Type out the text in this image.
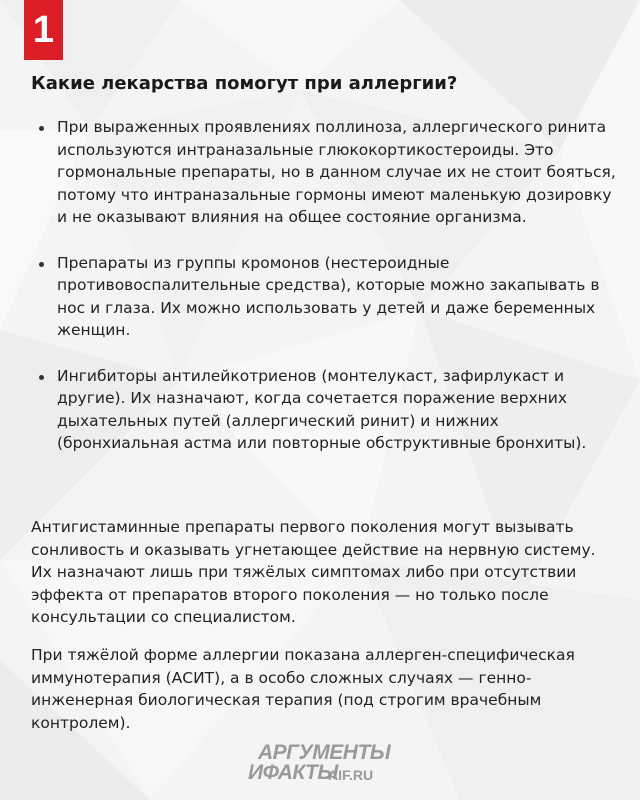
1
Какие лекарства помогут при аллергии?
При выраженных проявлениях поллиноза, аллергического ринита используются интраназальные глюкокортикостероиды. Это гормональные препараты, но в данном случае их не стоит бояться, потому что интраназальные гормоны имеют маленькую дозировку и не оказывают влияния на общее состояние организма.
Препараты из группы кромонов (нестероидные противовоспалительные средства), которые можно закапывать в нос и глаза. Их можно использовать у детей и даже беременных женщин.
Ингибиторы антилейкотриенов (монтелукаст, зафирлукаст и другие). Их назначают, когда сочетается поражение верхних дыхательных путей (аллергический ринит) и нижних (бронхиальная астма или повторные обструктивные бронхиты).
Антигистаминные препараты первого поколения могут вызывать сонливость и оказывать угнетающее действие на нервную систему. Их назначают лишь при тяжёлых симптомах либо при отсутствии эффекта от препаратов второго поколения — но только после консультации со специалистом.
При тяжёлой форме аллергии показана аллерген-специфическая иммунотерапия (АСИТ), а в особо сложных случаях — генно-инженерная биологическая терапия (под строгим врачебным контролем).
АРГУМЕНТЫ
ИФАКТЫ
AIF.RU
